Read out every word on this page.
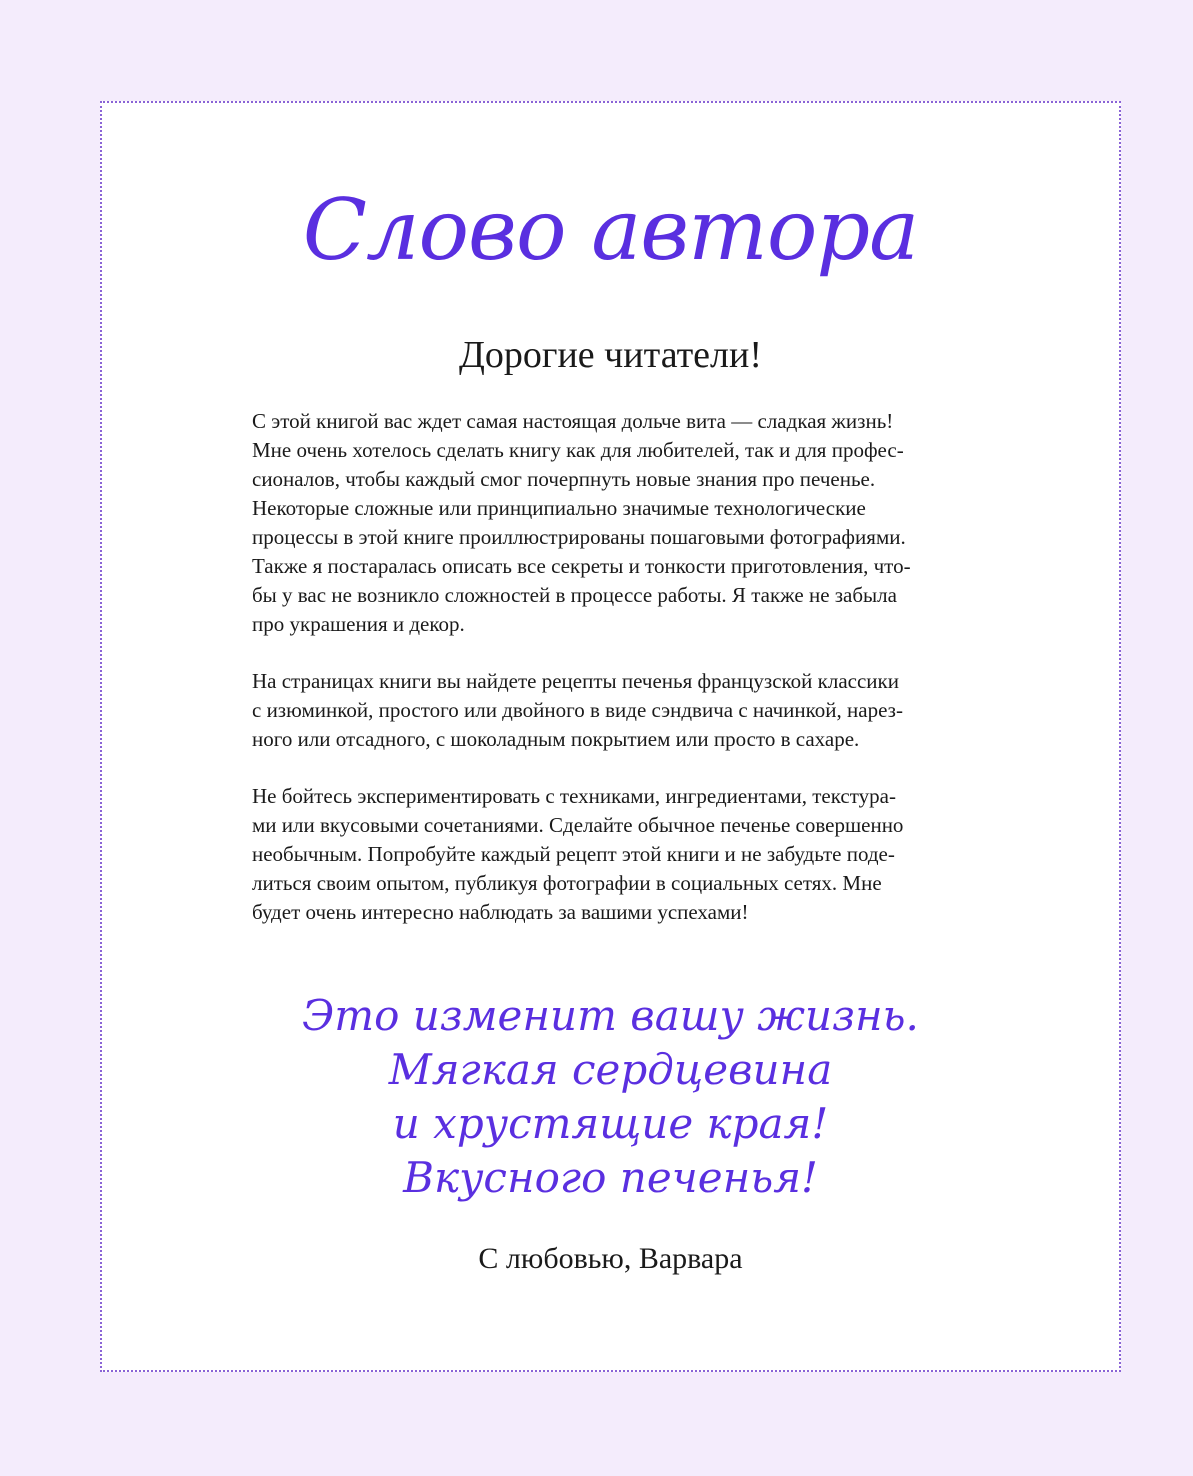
Слово автора
Дорогие читатели!

С этой книгой вас ждет самая настоящая дольче вита — сладкая жизнь!
Мне очень хотелось сделать книгу как для любителей, так и для профес-
сионалов, чтобы каждый смог почерпнуть новые знания про печенье.
Некоторые сложные или принципиально значимые технологические
процессы в этой книге проиллюстрированы пошаговыми фотографиями.
Также я постаралась описать все секреты и тонкости приготовления, что-
бы у вас не возникло сложностей в процессе работы. Я также не забыла
про украшения и декор.

На страницах книги вы найдете рецепты печенья французской классики
с изюминкой, простого или двойного в виде сэндвича с начинкой, нарез-
ного или отсадного, с шоколадным покрытием или просто в сахаре.

Не бойтесь экспериментировать с техниками, ингредиентами, текстура-
ми или вкусовыми сочетаниями. Сделайте обычное печенье совершенно
необычным. Попробуйте каждый рецепт этой книги и не забудьте поде-
литься своим опытом, публикуя фотографии в социальных сетях. Мне
будет очень интересно наблюдать за вашими успехами!

Это изменит вашу жизнь.
Мягкая сердцевина
и хрустящие края!
Вкусного печенья!
С любовью, Варвара
